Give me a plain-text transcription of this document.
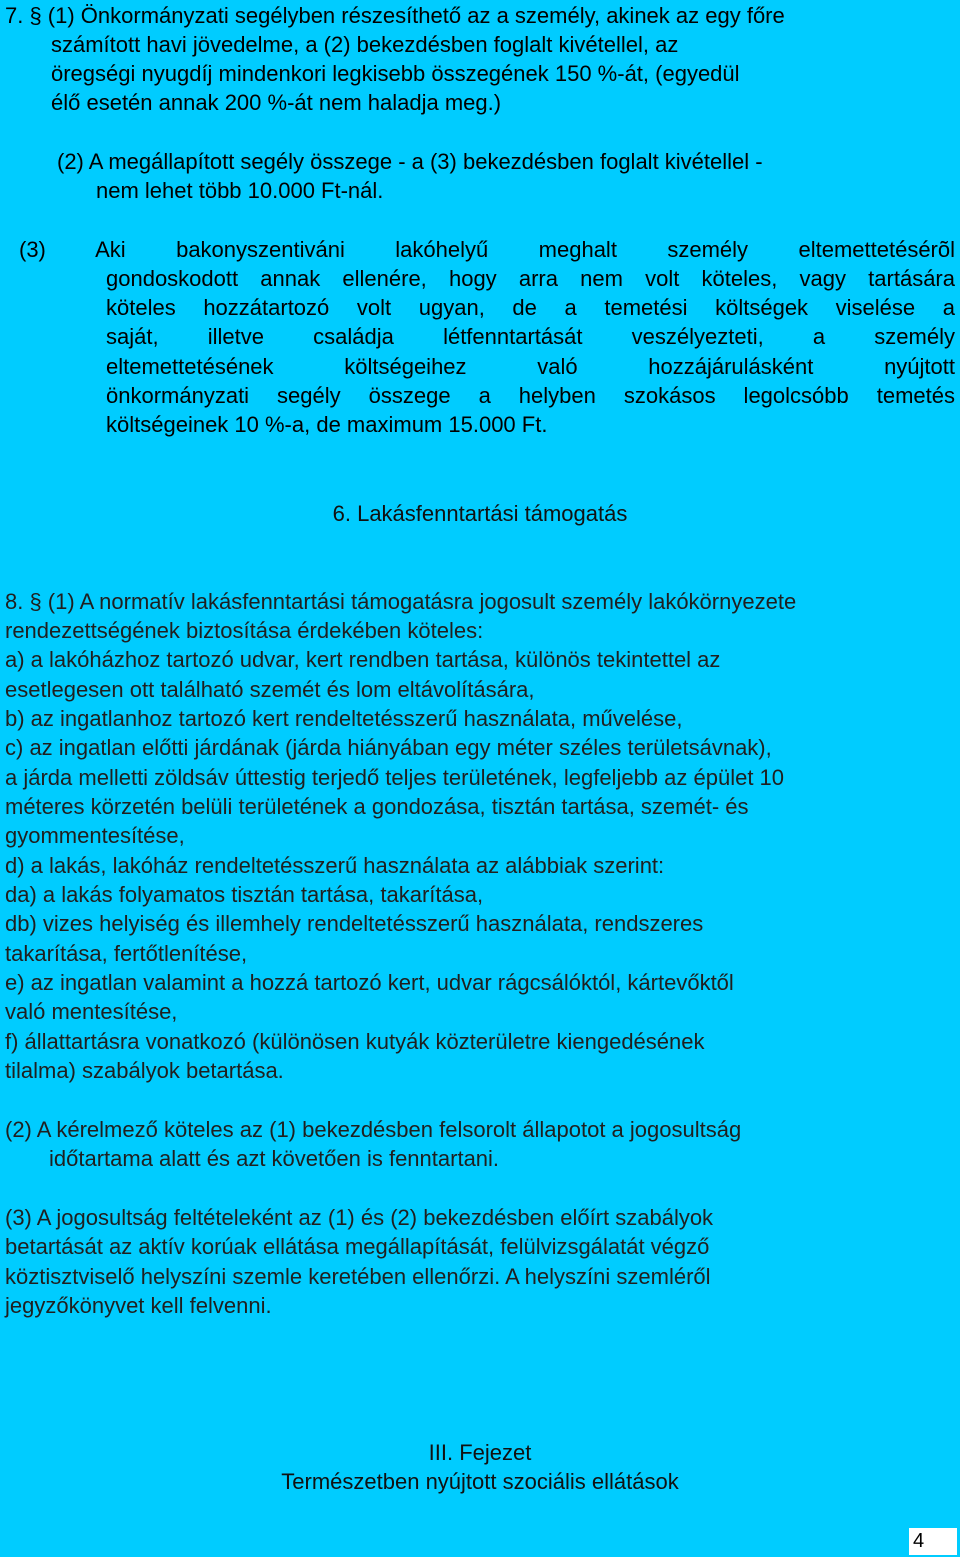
7. § (1) Önkormányzati segélyben részesíthető az a személy, akinek az egy főre
számított havi jövedelme, a (2) bekezdésben foglalt kivétellel, az
öregségi nyugdíj mindenkori legkisebb összegének 150 %-át, (egyedül
élő esetén annak 200 %-át nem haladja meg.)
(2) A megállapított segély összege - a (3) bekezdésben foglalt kivétellel -
nem lehet több 10.000 Ft-nál.
(3) Aki bakonyszentiváni lakóhelyű meghalt személy eltemettetésérõl
gondoskodott annak ellenére, hogy arra nem volt köteles, vagy tartására
köteles hozzátartozó volt ugyan, de a temetési költségek viselése a
saját, illetve családja létfenntartását veszélyezteti, a személy
eltemettetésének költségeihez való hozzájárulásként nyújtott
önkormányzati segély összege a helyben szokásos legolcsóbb temetés
költségeinek 10 %-a, de maximum 15.000 Ft.
6. Lakásfenntartási támogatás
8. § (1) A normatív lakásfenntartási támogatásra jogosult személy lakókörnyezete
rendezettségének biztosítása érdekében köteles:
a) a lakóházhoz tartozó udvar, kert rendben tartása, különös tekintettel az
esetlegesen ott található szemét és lom eltávolítására,
b) az ingatlanhoz tartozó kert rendeltetésszerű használata, művelése,
c) az ingatlan előtti járdának (járda hiányában egy méter széles területsávnak),
a járda melletti zöldsáv úttestig terjedő teljes területének, legfeljebb az épület 10
méteres körzetén belüli területének a gondozása, tisztán tartása, szemét- és
gyommentesítése,
d) a lakás, lakóház rendeltetésszerű használata az alábbiak szerint:
da) a lakás folyamatos tisztán tartása, takarítása,
db) vizes helyiség és illemhely rendeltetésszerű használata, rendszeres
takarítása, fertőtlenítése,
e) az ingatlan valamint a hozzá tartozó kert, udvar rágcsálóktól, kártevőktől
való mentesítése,
f) állattartásra vonatkozó (különösen kutyák közterületre kiengedésének
tilalma) szabályok betartása.
(2) A kérelmező köteles az (1) bekezdésben felsorolt állapotot a jogosultság
időtartama alatt és azt követően is fenntartani.
(3) A jogosultság feltételeként az (1) és (2) bekezdésben előírt szabályok
betartását az aktív korúak ellátása megállapítását, felülvizsgálatát végző
köztisztviselő helyszíni szemle keretében ellenőrzi. A helyszíni szemléről
jegyzőkönyvet kell felvenni.
III. Fejezet
Természetben nyújtott szociális ellátások
4
